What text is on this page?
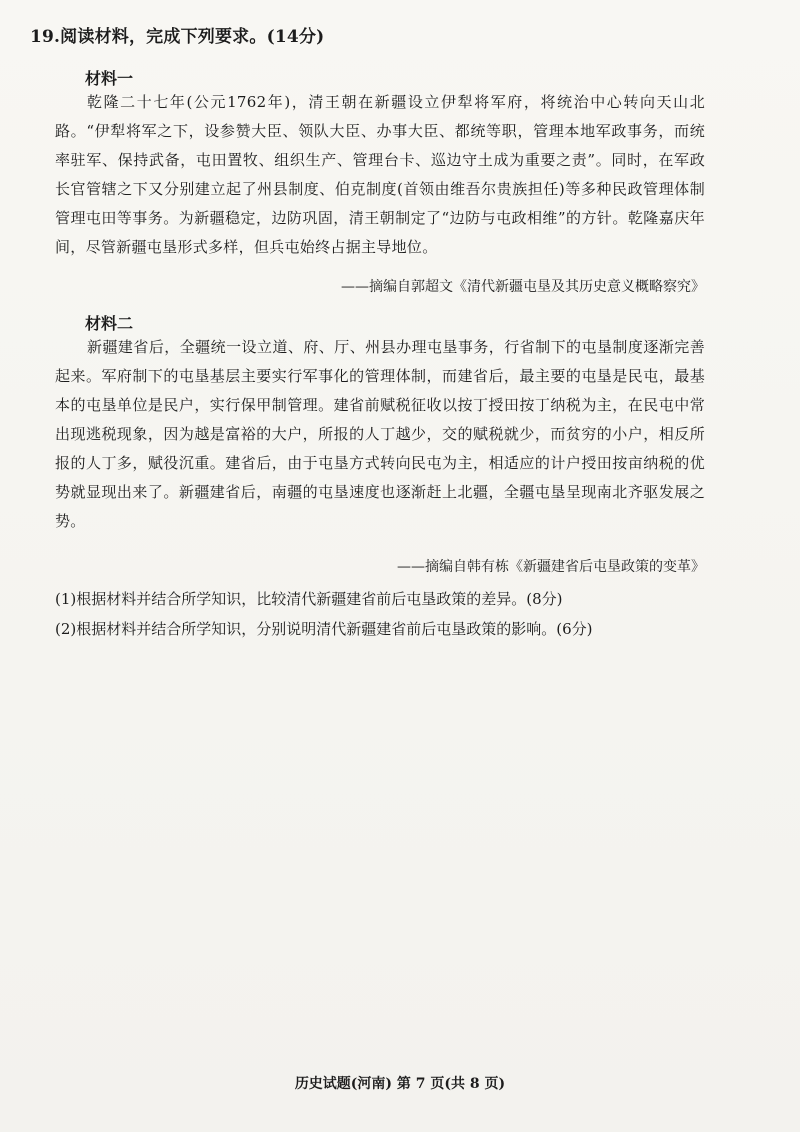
19.阅读材料，完成下列要求。(14分)
材料一

乾隆二十七年(公元1762年)，清王朝在新疆设立伊犁将军府，将统治中心转向天山北路。“伊犁将军之下，设参赞大臣、领队大臣、办事大臣、都统等职，管理本地军政事务，而统率驻军、保持武备，屯田置牧、组织生产、管理台卡、巡边守土成为重要之责”。同时，在军政长官管辖之下又分别建立起了州县制度、伯克制度(首领由维吾尔贵族担任)等多种民政管理体制管理屯田等事务。为新疆稳定，边防巩固，清王朝制定了“边防与屯政相维”的方针。乾隆嘉庆年间，尽管新疆屯垦形式多样，但兵屯始终占据主导地位。

——摘编自郭超文《清代新疆屯垦及其历史意义概略察究》
材料二

新疆建省后，全疆统一设立道、府、厅、州县办理屯垦事务，行省制下的屯垦制度逐渐完善起来。军府制下的屯垦基层主要实行军事化的管理体制，而建省后，最主要的屯垦是民屯，最基本的屯垦单位是民户，实行保甲制管理。建省前赋税征收以按丁授田按丁纳税为主，在民屯中常出现逃税现象，因为越是富裕的大户，所报的人丁越少，交的赋税就少，而贫穷的小户，相反所报的人丁多，赋役沉重。建省后，由于屯垦方式转向民屯为主，相适应的计户授田按亩纳税的优势就显现出来了。新疆建省后，南疆的屯垦速度也逐渐赶上北疆，全疆屯垦呈现南北齐驱发展之势。

——摘编自韩有栋《新疆建省后屯垦政策的变革》
(1)根据材料并结合所学知识，比较清代新疆建省前后屯垦政策的差异。(8分)
(2)根据材料并结合所学知识，分别说明清代新疆建省前后屯垦政策的影响。(6分)
历史试题(河南) 第 7 页(共 8 页)
